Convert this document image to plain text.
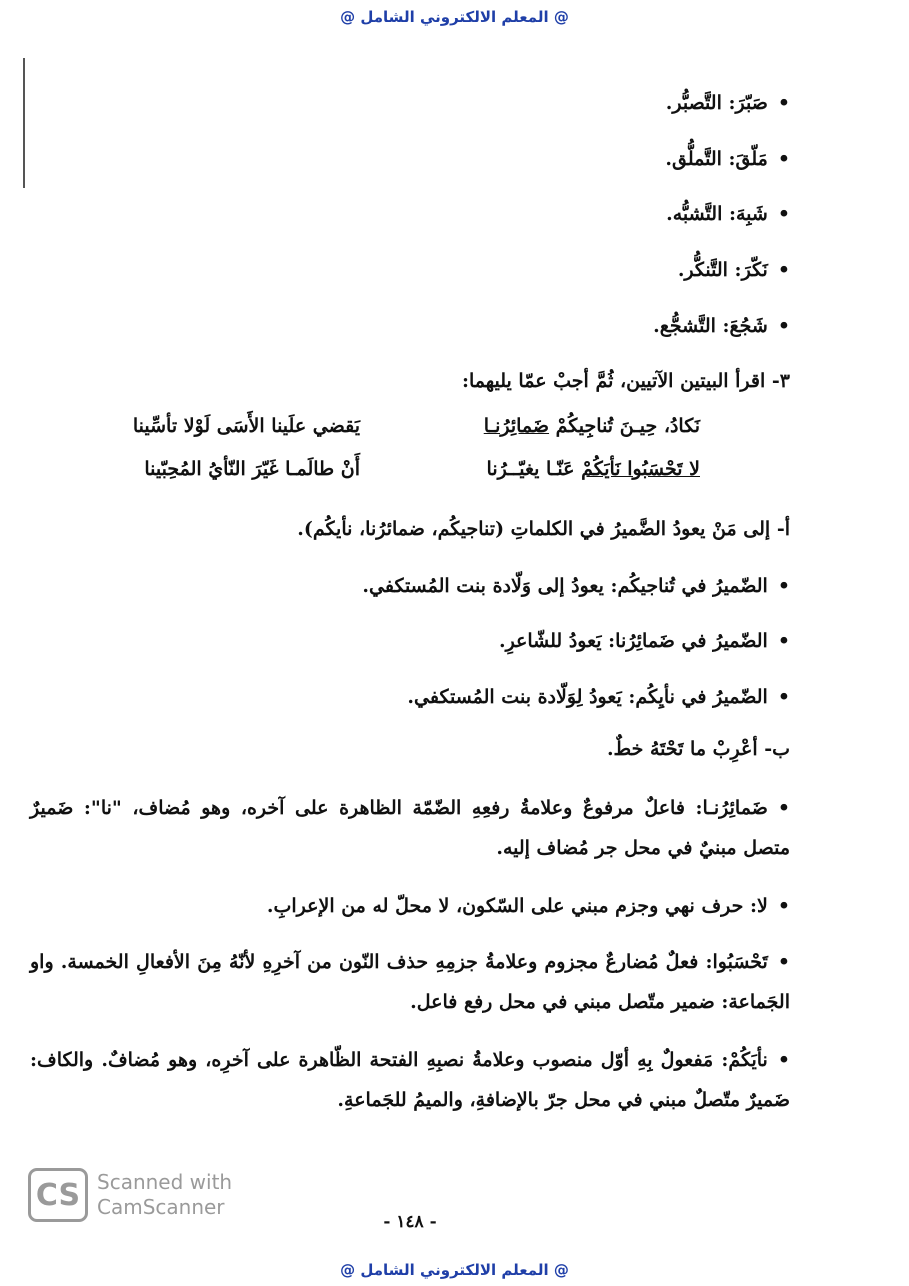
@ المعلم الالكتروني الشامل @
• صَبّرَ: التَّصبُّر.
• مَلّقَ: التَّملُّق.
• شَبِهَ: التَّشبُّه.
• نَكّرَ: التَّنكُّر.
• شَجُعَ: التَّشجُّع.
٣- اقرأ البيتين الآتيين، ثُمَّ أجبْ عمّا يليهما:
نَكادُ، حِيـنَ تُناجِيكُمْ ضَمائِرُنـا
يَقضي علَينا الأَسَى لَوْلا تأسِّينا
لا تَحْسَبُوا نَأيَكُمْ عَنّـا يغيّــرُنا
أَنْ طالَمـا غَيّرَ النّأيُ المُحِبّينا
أ- إلى مَنْ يعودُ الضَّميرُ في الكلماتِ (تناجيكُم، ضمائرُنا، نأيكُم).
• الضّميرُ في تُناجيكُم: يعودُ إلى وَلّادة بنت المُستكفي.
• الضّميرُ في ضَمائِرُنا: يَعودُ للشّاعرِ.
• الضّميرُ في نأيِكُم: يَعودُ لِوَلّادة بنت المُستكفي.
ب- أعْرِبْ ما تَحْتَهُ خطٌ.
• ضَمائِرُنـا: فاعلٌ مرفوعٌ وعلامةُ رفعِهِ الضّمّة الظاهرة على آخره، وهو مُضاف، "نا": ضَميرٌ متصل مبنيٌ في محل جر مُضاف إليه.
• لا: حرف نهي وجزم مبني على السّكون، لا محلّ له من الإعرابِ.
• تَحْسَبُوا: فعلٌ مُضارعٌ مجزوم وعلامةُ جزمِهِ حذف النّون من آخرِهِ لأنّهُ مِنَ الأفعالِ الخمسة. واو الجَماعة: ضمير متّصل مبني في محل رفع فاعل.
• نأيَكُمْ: مَفعولٌ بِهِ أوّل منصوب وعلامةُ نصبِهِ الفتحة الظّاهرة على آخرِه، وهو مُضافٌ. والكاف: ضَميرٌ متّصلٌ مبني في محل جرّ بالإضافةِ، والميمُ للجَماعةِ.
CS Scanned with
CamScanner
- ١٤٨ -
@ المعلم الالكتروني الشامل @
